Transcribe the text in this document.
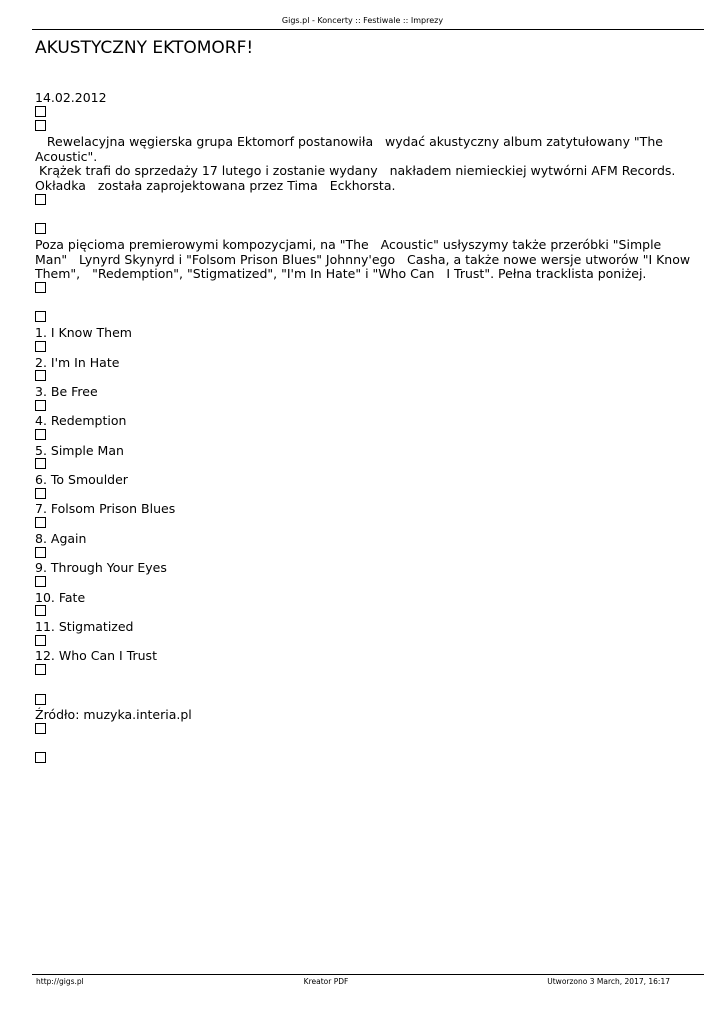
Gigs.pl - Koncerty :: Festiwale :: Imprezy
AKUSTYCZNY EKTOMORF!

14.02.2012

Rewelacyjna węgierska grupa Ektomorf postanowiła   wydać akustyczny album zatytułowany "The Acoustic".

Krążek trafi do sprzedaży 17 lutego i zostanie wydany   nakładem niemieckiej wytwórni AFM Records. Okładka   została zaprojektowana przez Tima   Eckhorsta.

Poza pięcioma premierowymi kompozycjami, na "The   Acoustic" usłyszymy także przeróbki "Simple Man"   Lynyrd Skynyrd i "Folsom Prison Blues" Johnny'ego   Casha, a także nowe wersje utworów "I Know Them",   "Redemption", "Stigmatized", "I'm In Hate" i "Who Can   I Trust". Pełna tracklista poniżej.

1. I Know Them

2. I'm In Hate

3. Be Free

4. Redemption

5. Simple Man

6. To Smoulder

7. Folsom Prison Blues

8. Again

9. Through Your Eyes

10. Fate

11. Stigmatized

12. Who Can I Trust

Źródło: muzyka.interia.pl

http://gigs.pl	Kreator PDF	Utworzono 3 March, 2017, 16:17
